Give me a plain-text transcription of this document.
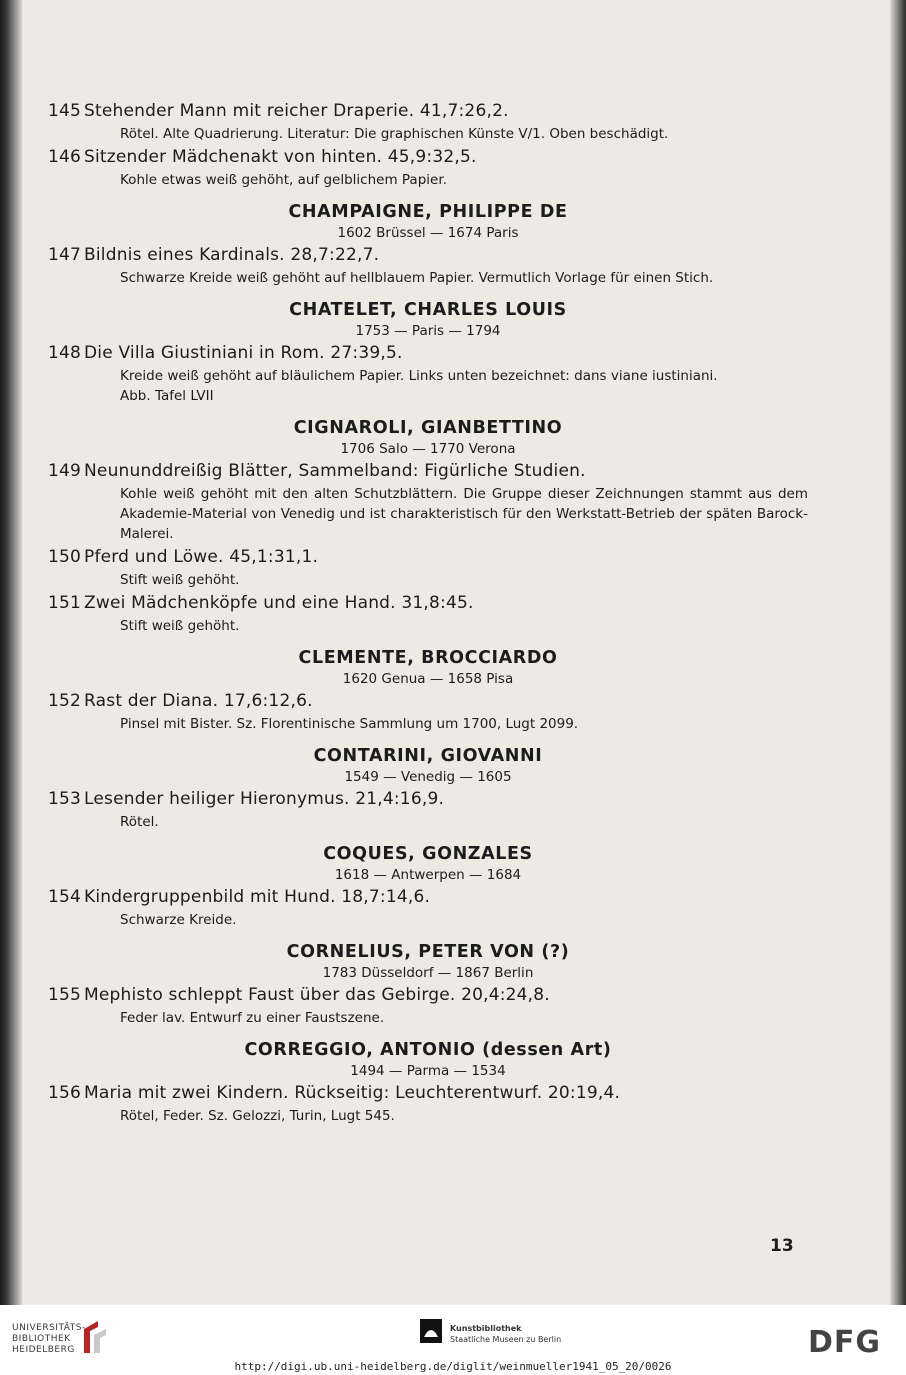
145 Stehender Mann mit reicher Draperie. 41,7:26,2.
Rötel. Alte Quadrierung. Literatur: Die graphischen Künste V/1. Oben beschädigt.
146 Sitzender Mädchenakt von hinten. 45,9:32,5.
Kohle etwas weiß gehöht, auf gelblichem Papier.
CHAMPAIGNE, PHILIPPE DE
1602 Brüssel — 1674 Paris
147 Bildnis eines Kardinals. 28,7:22,7.
Schwarze Kreide weiß gehöht auf hellblauem Papier. Vermutlich Vorlage für einen Stich.
CHATELET, CHARLES LOUIS
1753 — Paris — 1794
148 Die Villa Giustiniani in Rom. 27:39,5.
Kreide weiß gehöht auf bläulichem Papier. Links unten bezeichnet: dans viane iustiniani.
Abb. Tafel LVII
CIGNAROLI, GIANBETTINO
1706 Salo — 1770 Verona
149 Neununddreißig Blätter, Sammelband: Figürliche Studien.
Kohle weiß gehöht mit den alten Schutzblättern. Die Gruppe dieser Zeichnungen stammt aus dem Akademie-Material von Venedig und ist charakteristisch für den Werkstatt-Betrieb der späten Barock-Malerei.
150 Pferd und Löwe. 45,1:31,1.
Stift weiß gehöht.
151 Zwei Mädchenköpfe und eine Hand. 31,8:45.
Stift weiß gehöht.
CLEMENTE, BROCCIARDO
1620 Genua — 1658 Pisa
152 Rast der Diana. 17,6:12,6.
Pinsel mit Bister. Sz. Florentinische Sammlung um 1700, Lugt 2099.
CONTARINI, GIOVANNI
1549 — Venedig — 1605
153 Lesender heiliger Hieronymus. 21,4:16,9.
Rötel.
COQUES, GONZALES
1618 — Antwerpen — 1684
154 Kindergruppenbild mit Hund. 18,7:14,6.
Schwarze Kreide.
CORNELIUS, PETER VON (?)
1783 Düsseldorf — 1867 Berlin
155 Mephisto schleppt Faust über das Gebirge. 20,4:24,8.
Feder lav. Entwurf zu einer Faustszene.
CORREGGIO, ANTONIO (dessen Art)
1494 — Parma — 1534
156 Maria mit zwei Kindern. Rückseitig: Leuchterentwurf. 20:19,4.
Rötel, Feder. Sz. Gelozzi, Turin, Lugt 545.
13
UNIVERSITÄTS-
BIBLIOTHEK
HEIDELBERG
Kunstbibliothek
Staatliche Museen zu Berlin	DFG
http://digi.ub.uni-heidelberg.de/diglit/weinmueller1941_05_20/0026
